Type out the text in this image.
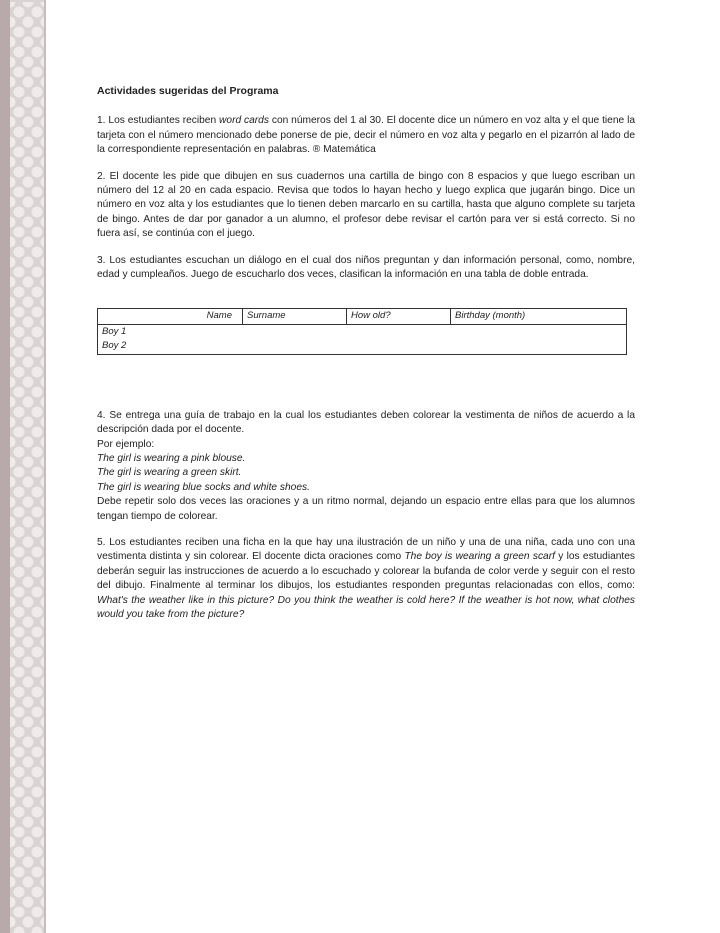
Actividades sugeridas del Programa

1. Los estudiantes reciben word cards con números del 1 al 30. El docente dice un número en voz alta y el que tiene la tarjeta con el número mencionado debe ponerse de pie, decir el número en voz alta y pegarlo en el pizarrón al lado de la correspondiente representación en palabras. ® Matemática

2. El docente les pide que dibujen en sus cuadernos una cartilla de bingo con 8 espacios y que luego escriban un número del 12 al 20 en cada espacio. Revisa que todos lo hayan hecho y luego explica que jugarán bingo. Dice un número en voz alta y los estudiantes que lo tienen deben marcarlo en su cartilla, hasta que alguno complete su tarjeta de bingo. Antes de dar por ganador a un alumno, el profesor debe revisar el cartón para ver si está correcto. Si no fuera así, se continúa con el juego.

3. Los estudiantes escuchan un diálogo en el cual dos niños preguntan y dan información personal, como, nombre, edad y cumpleaños. Juego de escucharlo dos veces, clasifican la información en una tabla de doble entrada.

Name	Surname	How old?	Birthday (month)
Boy 1			
Boy 2			

4. Se entrega una guía de trabajo en la cual los estudiantes deben colorear la vestimenta de niños de acuerdo a la descripción dada por el docente.
Por ejemplo:
The girl is wearing a pink blouse.
The girl is wearing a green skirt.
The girl is wearing blue socks and white shoes.
Debe repetir solo dos veces las oraciones y a un ritmo normal, dejando un espacio entre ellas para que los alumnos tengan tiempo de colorear.

5. Los estudiantes reciben una ficha en la que hay una ilustración de un niño y una de una niña, cada uno con una vestimenta distinta y sin colorear. El docente dicta oraciones como The boy is wearing a green scarf y los estudiantes deberán seguir las instrucciones de acuerdo a lo escuchado y colorear la bufanda de color verde y seguir con el resto del dibujo. Finalmente al terminar los dibujos, los estudiantes responden preguntas relacionadas con ellos, como: What's the weather like in this picture? Do you think the weather is cold here? If the weather is hot now, what clothes would you take from the picture?
